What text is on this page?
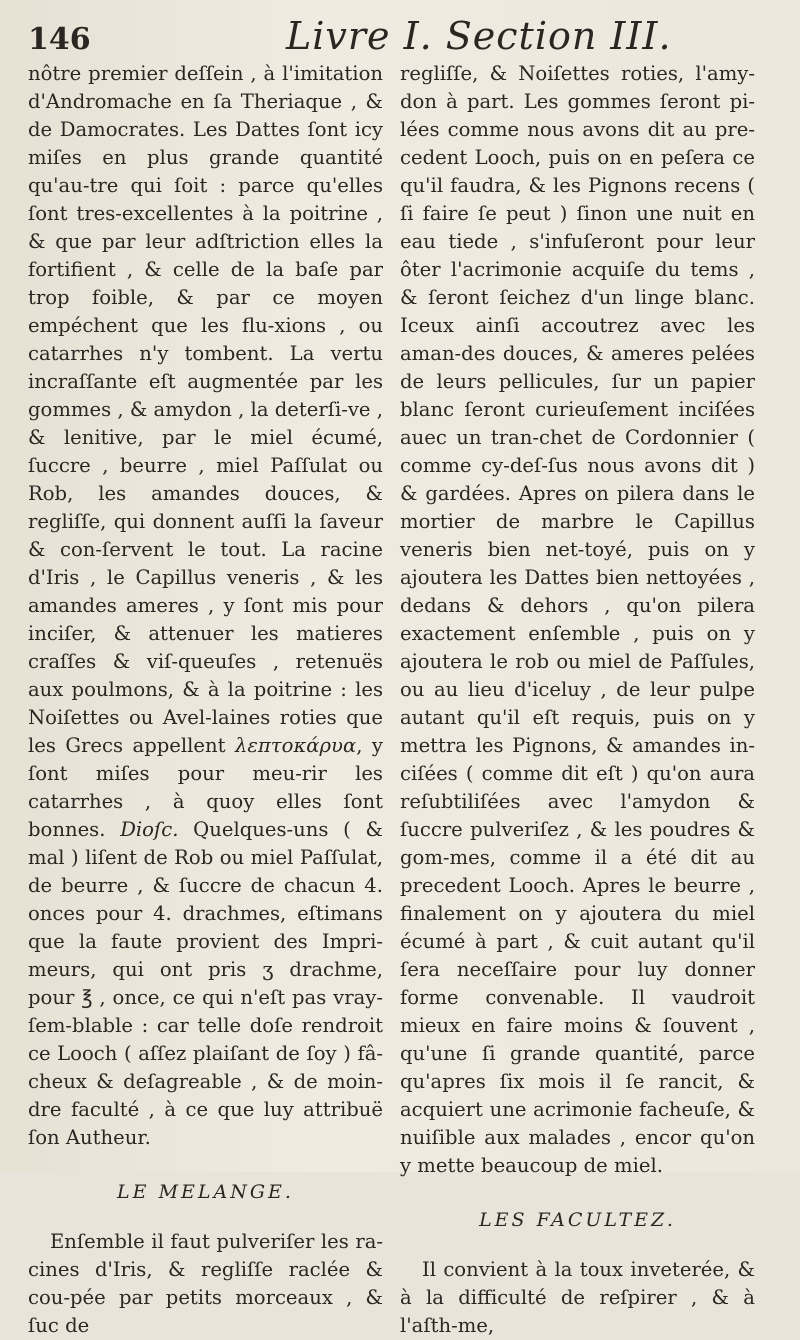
146	Livre I. Section III.

nôtre premier deſſein , à l'imitation d'Andromache en ſa Theriaque , & de Damocrates. Les Dattes ſont icy miſes en plus grande quantité qu'au-tre qui ſoit : parce qu'elles ſont tres-excellentes à la poitrine , & que par leur adſtriction elles la fortifient , & celle de la baſe par trop foible, & par ce moyen empéchent que les flu-xions , ou catarrhes n'y tombent. La vertu incraſſante eſt augmentée par les gommes , & amydon , la deterſi-ve , & lenitive, par le miel écumé, ſuccre , beurre , miel Paſſulat ou Rob, les amandes douces, & regliſſe, qui donnent auſſi la ſaveur & con-ſervent le tout. La racine d'Iris , le Capillus veneris , & les amandes ameres , y ſont mis pour inciſer, & attenuer les matieres craſſes & viſ-queuſes , retenuës aux poulmons, & à la poitrine : les Noiſettes ou Avel-laines roties que les Grecs appellent λεπτοκάρυα, y ſont miſes pour meu-rir les catarrhes , à quoy elles ſont bonnes. Dioſc. Quelques-uns ( & mal ) liſent de Rob ou miel Paſſulat, de beurre , & ſuccre de chacun 4. onces pour 4. drachmes, eſtimans que la faute provient des Impri-meurs, qui ont pris ʒ drachme, pour ℥ , once, ce qui n'eſt pas vray-ſem-blable : car telle doſe rendroit ce Looch ( aſſez plaiſant de ſoy ) fâ-cheux & deſagreable , & de moin-dre faculté , à ce que luy attribuë ſon Autheur.

LE MELANGE.

Enſemble il faut pulveriſer les ra-cines d'Iris, & regliſſe raclée & cou-pée par petits morceaux , & ſuc de

regliſſe, & Noiſettes roties, l'amy-don à part. Les gommes ſeront pi-lées comme nous avons dit au pre-cedent Looch, puis on en peſera ce qu'il faudra, & les Pignons recens ( ſi faire ſe peut ) ſinon une nuit en eau tiede , s'infuſeront pour leur ôter l'acrimonie acquiſe du tems , & ſeront ſeichez d'un linge blanc. Iceux ainſi accoutrez avec les aman-des douces, & ameres pelées de leurs pellicules, ſur un papier blanc ſeront curieuſement inciſées auec un tran-chet de Cordonnier ( comme cy-deſ-ſus nous avons dit ) & gardées. Apres on pilera dans le mortier de marbre le Capillus veneris bien net-toyé, puis on y ajoutera les Dattes bien nettoyées , dedans & dehors , qu'on pilera exactement enſemble , puis on y ajoutera le rob ou miel de Paſſules, ou au lieu d'iceluy , de leur pulpe autant qu'il eſt requis, puis on y mettra les Pignons, & amandes in-ciſées ( comme dit eſt ) qu'on aura reſubtiliſées avec l'amydon & ſuccre pulveriſez , & les poudres & gom-mes, comme il a été dit au precedent Looch. Apres le beurre , finalement on y ajoutera du miel écumé à part , & cuit autant qu'il ſera neceſſaire pour luy donner forme convenable. Il vaudroit mieux en faire moins & ſouvent , qu'une ſi grande quantité, parce qu'apres ſix mois il ſe rancit, & acquiert une acrimonie facheuſe, & nuiſible aux malades , encor qu'on y mette beaucoup de miel.

LES FACULTEZ.

Il convient à la toux inveterée, & à la difficulté de reſpirer , & à l'aſth-me,
